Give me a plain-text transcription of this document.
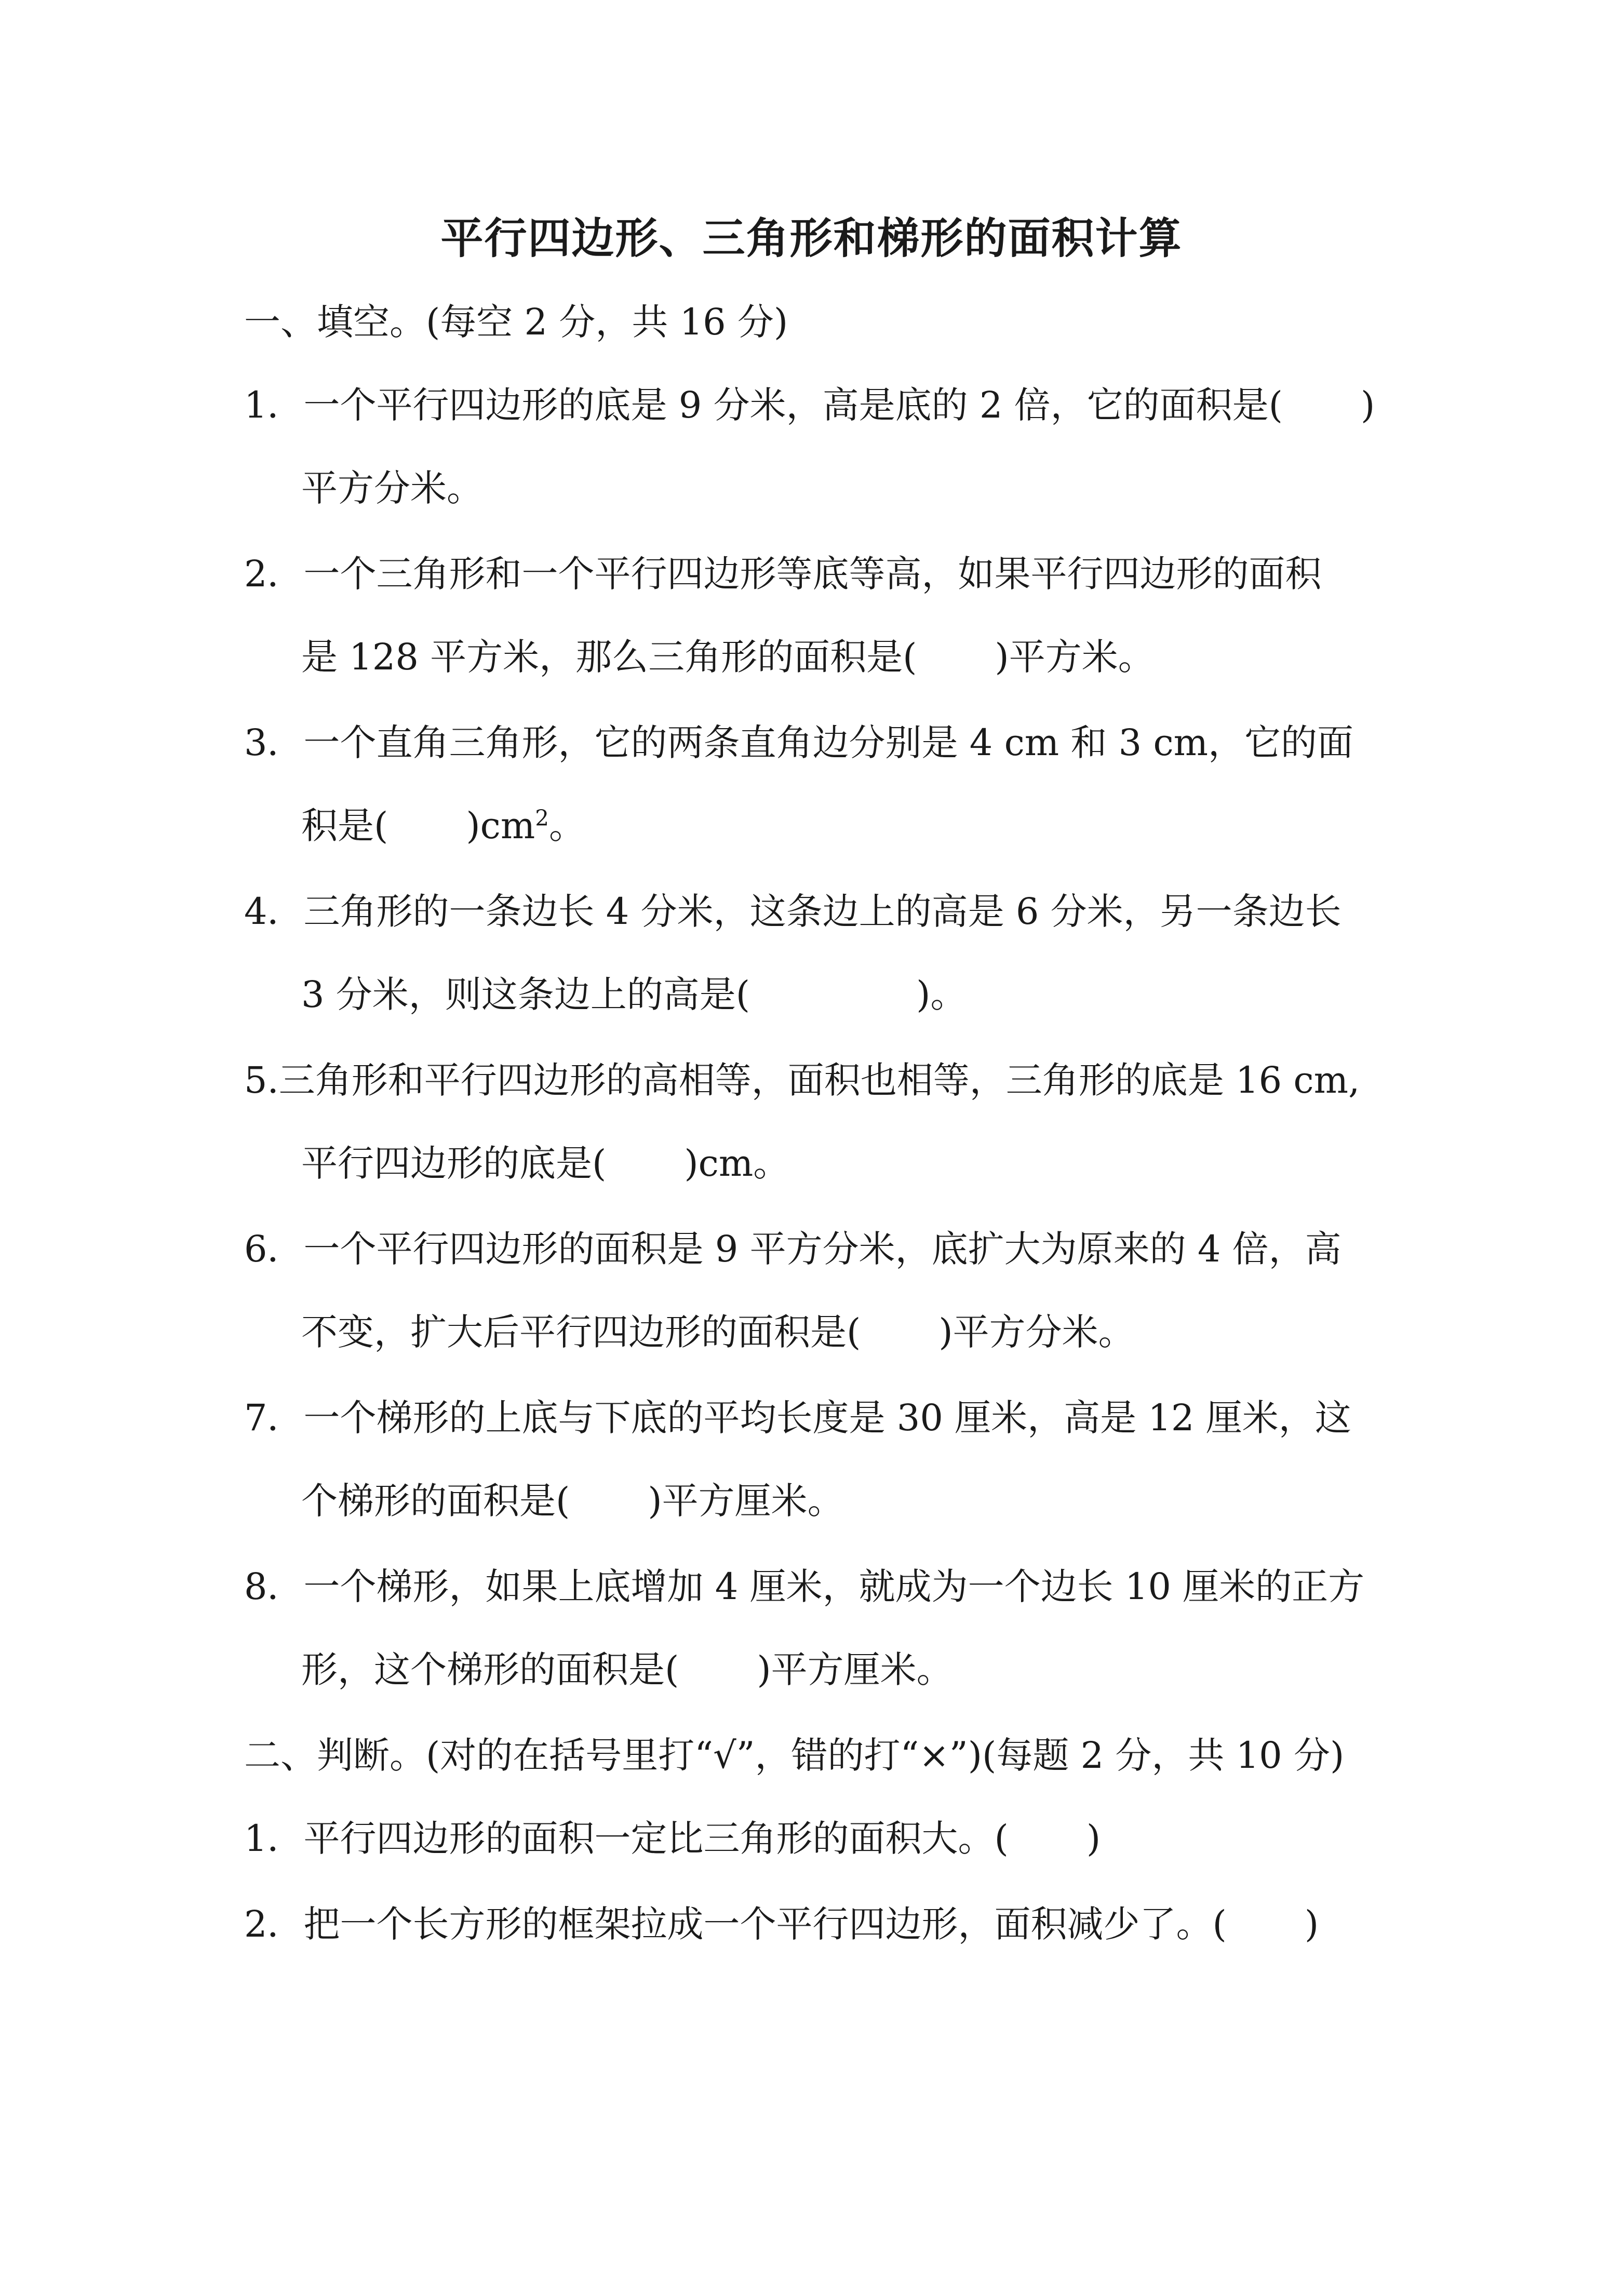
平行四边形、三角形和梯形的面积计算
一、填空。(每空 2 分，共 16 分)
1．一个平行四边形的底是 9 分米，高是底的 2 倍，它的面积是( )
平方分米。
2．一个三角形和一个平行四边形等底等高，如果平行四边形的面积
是 128 平方米，那么三角形的面积是( )平方米。
3．一个直角三角形，它的两条直角边分别是 4 cm 和 3 cm，它的面
积是( )$cm^2$。
4．三角形的一条边长 4 分米，这条边上的高是 6 分米，另一条边长
3 分米，则这条边上的高是(	)。
5.三角形和平行四边形的高相等，面积也相等，三角形的底是 16 cm,
平行四边形的底是( )cm。
6．一个平行四边形的面积是 9 平方分米，底扩大为原来的 4 倍，高
不变，扩大后平行四边形的面积是( )平方分米。
7．一个梯形的上底与下底的平均长度是 30 厘米，高是 12 厘米，这
个梯形的面积是( )平方厘米。
8．一个梯形，如果上底增加 4 厘米，就成为一个边长 10 厘米的正方
形，这个梯形的面积是( )平方厘米。
二、判断。(对的在括号里打“√”，错的打“×”)(每题 2 分，共 10 分)
1．平行四边形的面积一定比三角形的面积大。( )
2．把一个长方形的框架拉成一个平行四边形，面积减少了。( )
